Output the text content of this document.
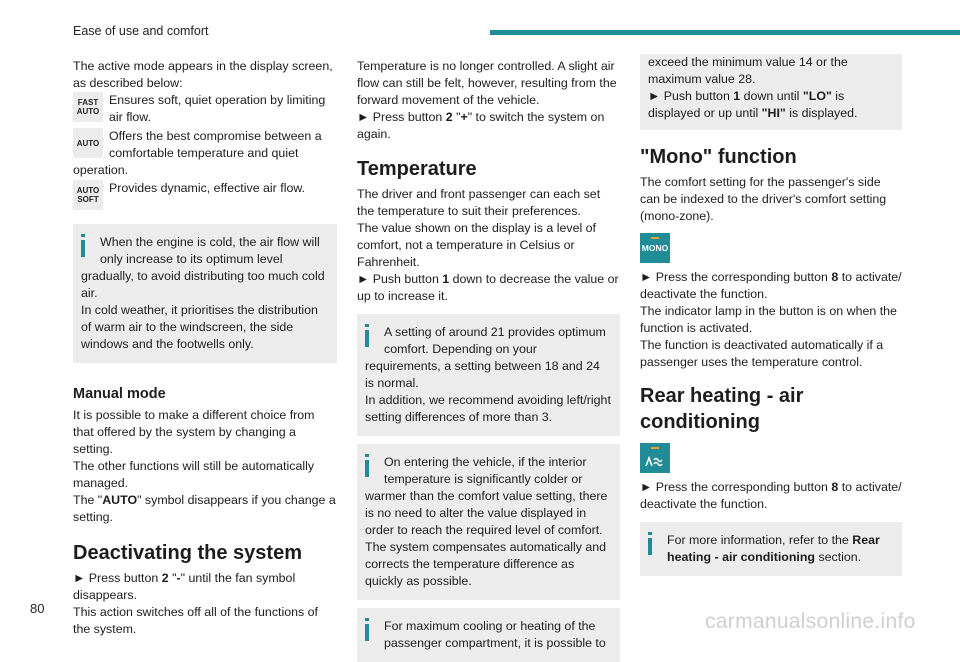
Ease of use and comfort

The active mode appears in the display screen, as described below:

FAST
AUTO

Ensures soft, quiet operation by limiting

air flow.

AUTO Offers the best compromise between a

comfortable temperature and quiet

operation.

AUTO
SOFT

Provides dynamic, effective air flow.

When the engine is cold, the air flow will

only increase to its optimum level

gradually, to avoid distributing too much cold air.

In cold weather, it prioritises the distribution of warm air to the windscreen, the side windows and the footwells only.

Manual mode

It is possible to make a different choice from that offered by the system by changing a setting.

The other functions will still be automatically managed.

The "AUTO" symbol disappears if you change a setting.

Deactivating the system

► Press button 2 "-" until the fan symbol disappears.

This action switches off all of the functions of the system.

Temperature is no longer controlled. A slight air flow can still be felt, however, resulting from the forward movement of the vehicle.

► Press button 2 "+" to switch the system on again.

Temperature

The driver and front passenger can each set the temperature to suit their preferences.

The value shown on the display is a level of comfort, not a temperature in Celsius or Fahrenheit.

► Push button 1 down to decrease the value or up to increase it.

A setting of around 21 provides optimum

comfort. Depending on your

requirements, a setting between 18 and 24 is normal.

In addition, we recommend avoiding left/right setting differences of more than 3.

On entering the vehicle, if the interior

temperature is significantly colder or

warmer than the comfort value setting, there is no need to alter the value displayed in order to reach the required level of comfort.

The system compensates automatically and corrects the temperature difference as quickly as possible.

For maximum cooling or heating of the

passenger compartment, it is possible to

exceed the minimum value 14 or the maximum value 28.

► Push button 1 down until "LO" is displayed or up until "HI" is displayed.

"Mono" function

The comfort setting for the passenger's side can be indexed to the driver's comfort setting (mono-zone).

MONO

► Press the corresponding button 8 to activate/ deactivate the function.

The indicator lamp in the button is on when the function is activated.

The function is deactivated automatically if a passenger uses the temperature control.

Rear heating - air
conditioning

► Press the corresponding button 8 to activate/ deactivate the function.

For more information, refer to the Rear heating - air conditioning section.

80
carmanualsonline.info
